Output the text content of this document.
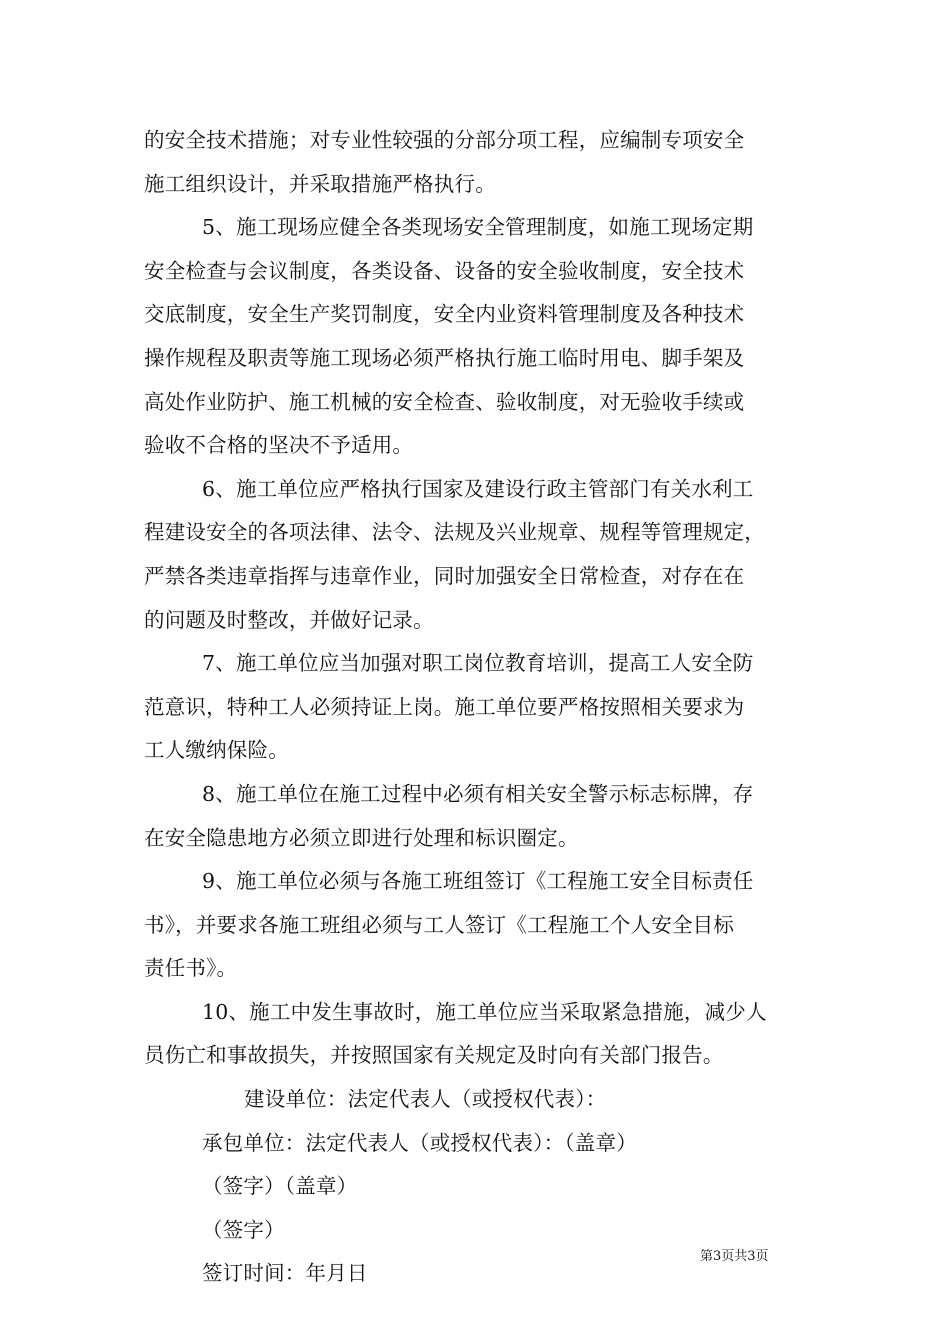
的安全技术措施；对专业性较强的分部分项工程，应编制专项安全
施工组织设计，并采取措施严格执行。
5、施工现场应健全各类现场安全管理制度，如施工现场定期
安全检查与会议制度，各类设备、设备的安全验收制度，安全技术
交底制度，安全生产奖罚制度，安全内业资料管理制度及各种技术
操作规程及职责等施工现场必须严格执行施工临时用电、脚手架及
高处作业防护、施工机械的安全检查、验收制度，对无验收手续或
验收不合格的坚决不予适用。
6、施工单位应严格执行国家及建设行政主管部门有关水利工
程建设安全的各项法律、法令、法规及兴业规章、规程等管理规定，
严禁各类违章指挥与违章作业，同时加强安全日常检查，对存在在
的问题及时整改，并做好记录。
7、施工单位应当加强对职工岗位教育培训，提高工人安全防
范意识，特种工人必须持证上岗。施工单位要严格按照相关要求为
工人缴纳保险。
8、施工单位在施工过程中必须有相关安全警示标志标牌，存
在安全隐患地方必须立即进行处理和标识圈定。
9、施工单位必须与各施工班组签订《工程施工安全目标责任
书》，并要求各施工班组必须与工人签订《工程施工个人安全目标
责任书》。
10、施工中发生事故时，施工单位应当采取紧急措施，减少人
员伤亡和事故损失，并按照国家有关规定及时向有关部门报告。
建设单位：法定代表人（或授权代表）：
承包单位：法定代表人（或授权代表）：（盖章）
（签字）（盖章）
（签字）
签订时间：年月日
第3页共3页
